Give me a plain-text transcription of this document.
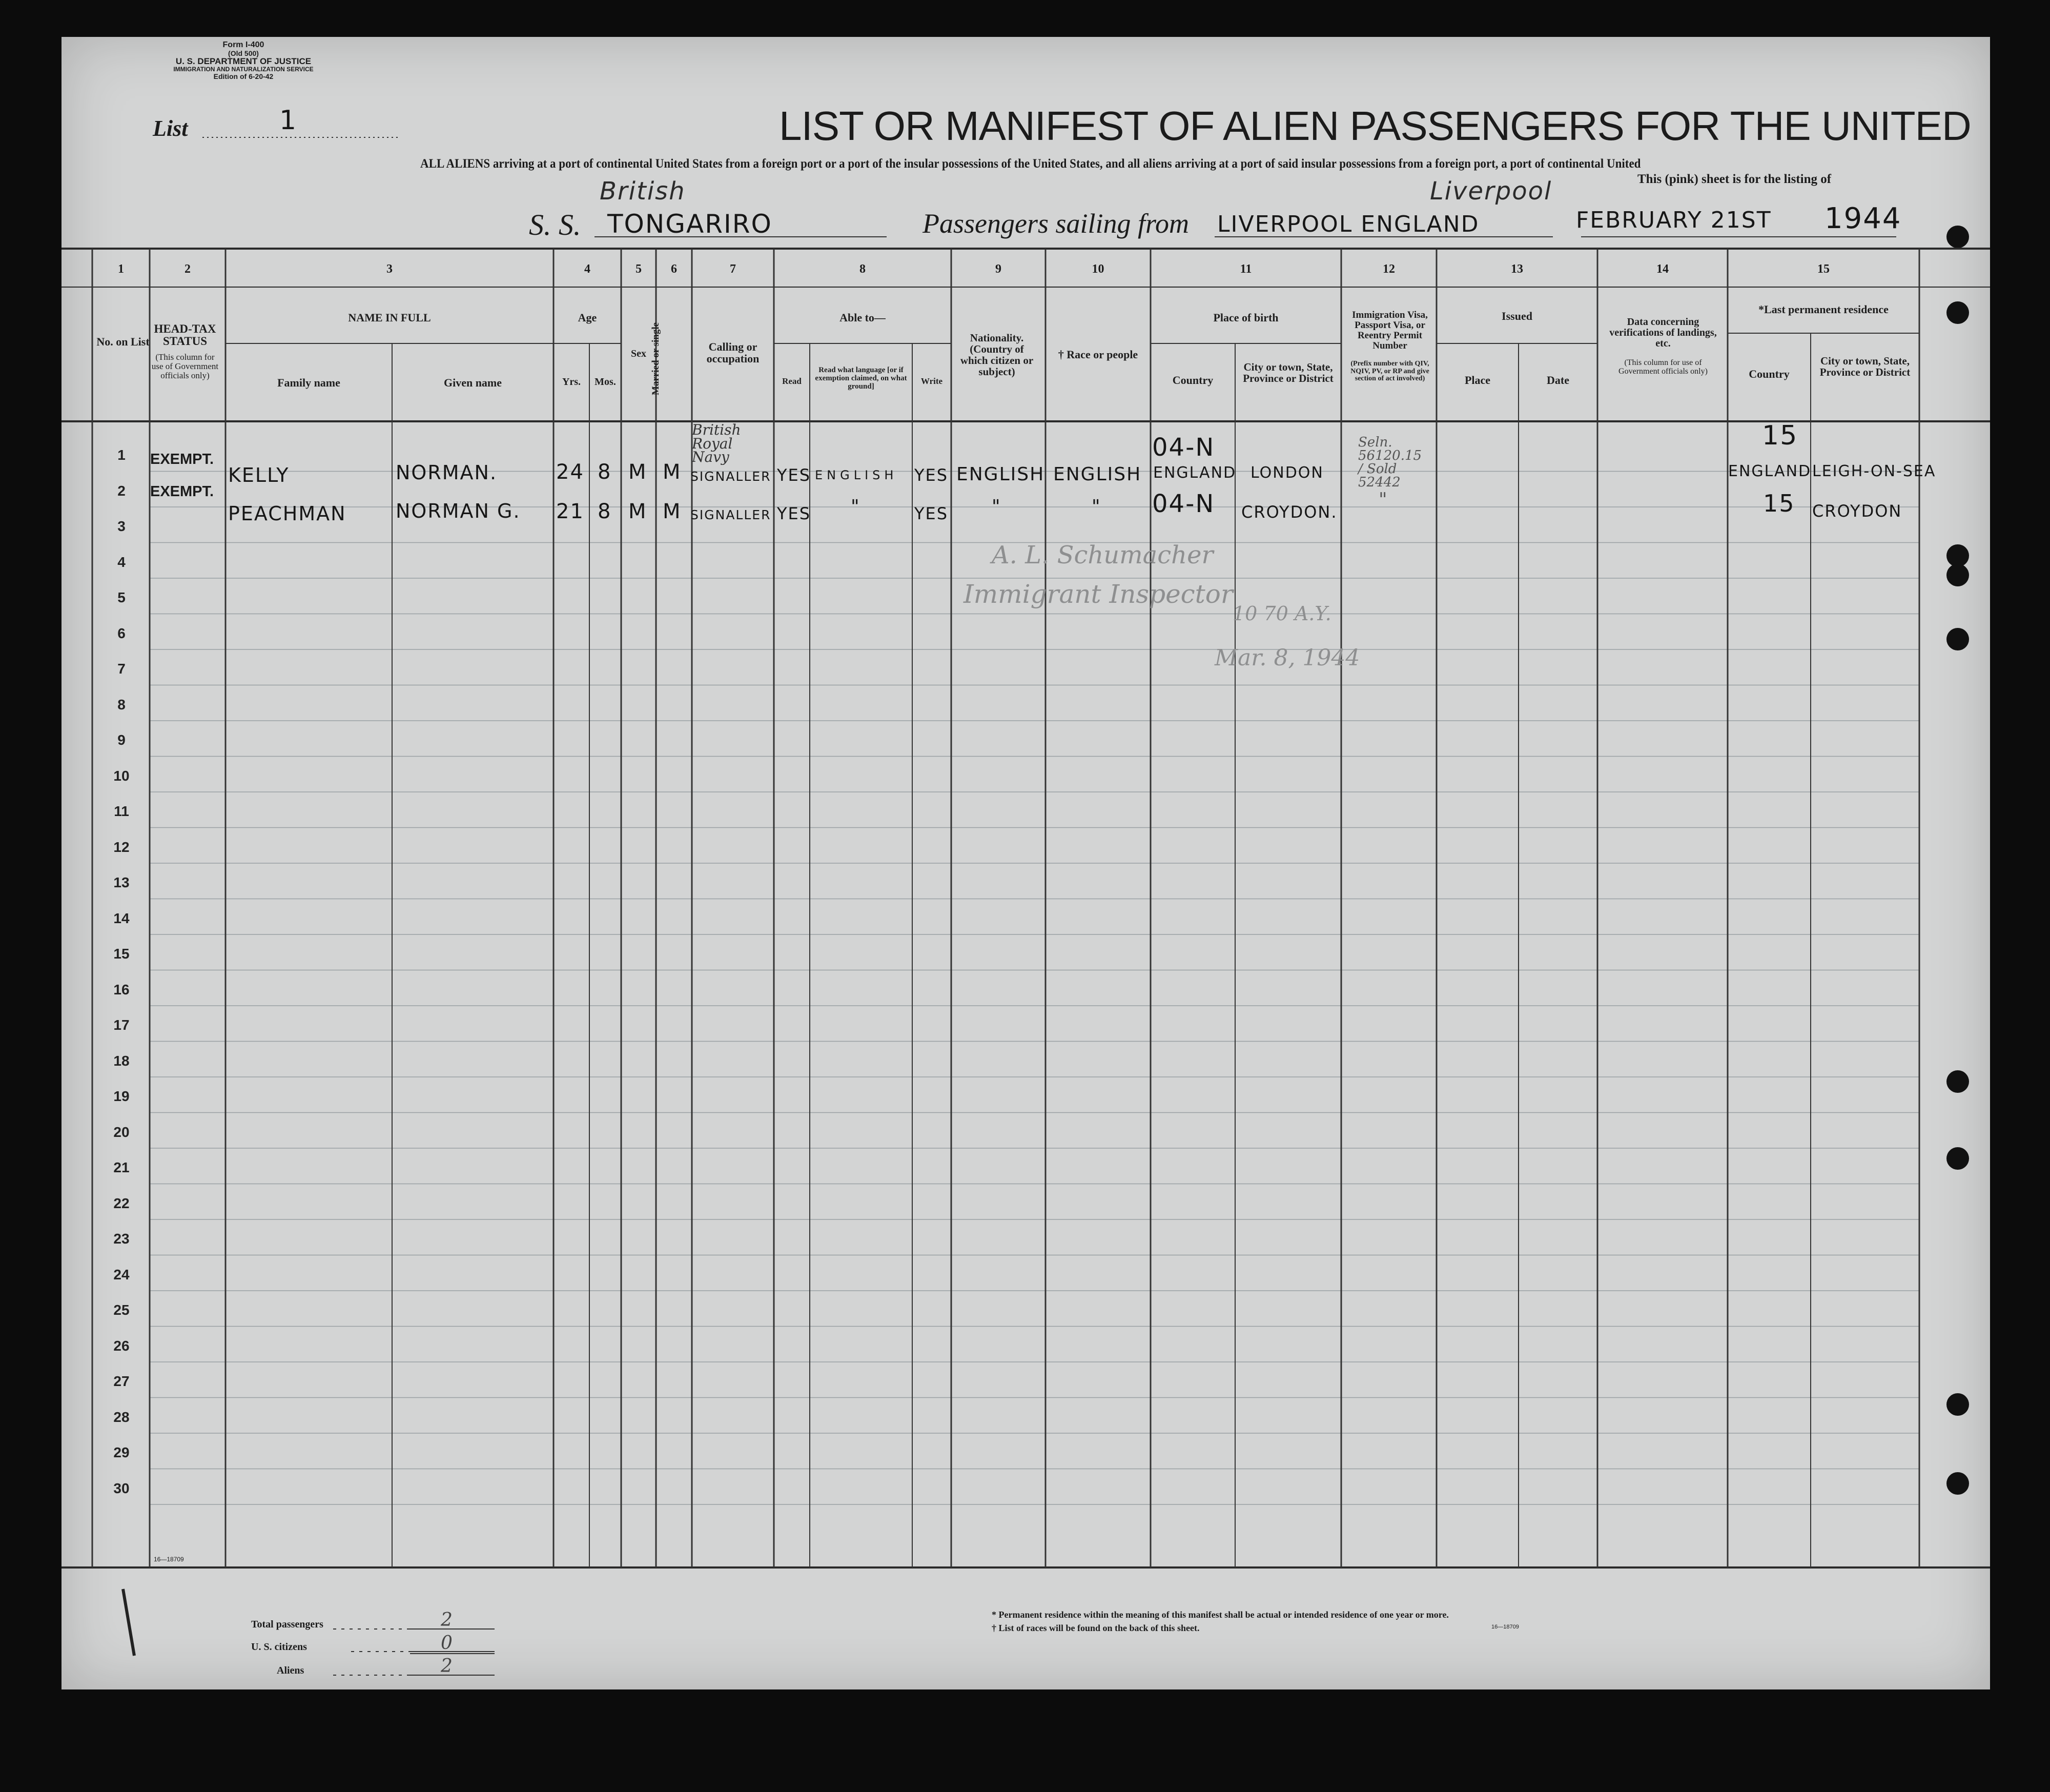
Form I-400
(Old 500)
U. S. DEPARTMENT OF JUSTICE
IMMIGRATION AND NATURALIZATION SERVICE
Edition of 6-20-42
List	1	LIST OR MANIFEST OF ALIEN PASSENGERS FOR THE UNITED
ALL ALIENS arriving at a port of continental United States from a foreign port or a port of the insular possessions of the United States, and all aliens arriving at a port of said insular possessions from a foreign port, a port of continental United
This (pink) sheet is for the listing of
S. S.
British
TONGARIRO	Passengers sailing from
Liverpool
LIVERPOOL ENGLAND	FEBRUARY 21ST 1944
1	2	3	4	5	6	7	8	9	10	11	12	13	14	15
No. on List
HEAD-TAX STATUS
(This column for use of Government officials only)
NAME IN FULL
Family name	Given name
Age
Yrs.	Mos.
Sex Married or single	Calling or occupation
Able to—
Read
Read what language [or if exemption claimed, on what ground]
Write
Nationality. (Country of which citizen or subject)
† Race or people
Place of birth
Country
City or town, State, Province or District
Immigration Visa, Passport Visa, or Reentry Permit Number
(Prefix number with QIV, NQIV, PV, or RP and give section of act involved)
Issued
Place	Date
Data concerning verifications of landings, etc.
(This column for use of Government officials only)
*Last permanent residence
Country
City or town, State, Province or District
1
2
3
4
5
6
7
8
9
10
11
12
13
14
15
16
17
18
19
20
21
22
23
24
25
26
27
28
29
30
EXEMPT.
KELLY	NORMAN.	24 8 M M
British Royal Navy
SIGNALLER YES ENGLISH YES ENGLISH ENGLISH
04-N
ENGLAND LONDON
Seln. 56120.15 / Sold 52442
15
ENGLAND LEIGH-ON-SEA
EXEMPT.
PEACHMAN	NORMAN G. 21 8 M M SIGNALLER YES "	YES "	" 04-N CROYDON.
"	15 CROYDON
A. L. Schumacher
Immigrant Inspector
10 70 A.Y.
Mar. 8, 1944
16—18709
Total passengers	2
U. S. citizens	0
Aliens	2
* Permanent residence within the meaning of this manifest shall be actual or intended residence of one year or more.
† List of races will be found on the back of this sheet.	16—18709
